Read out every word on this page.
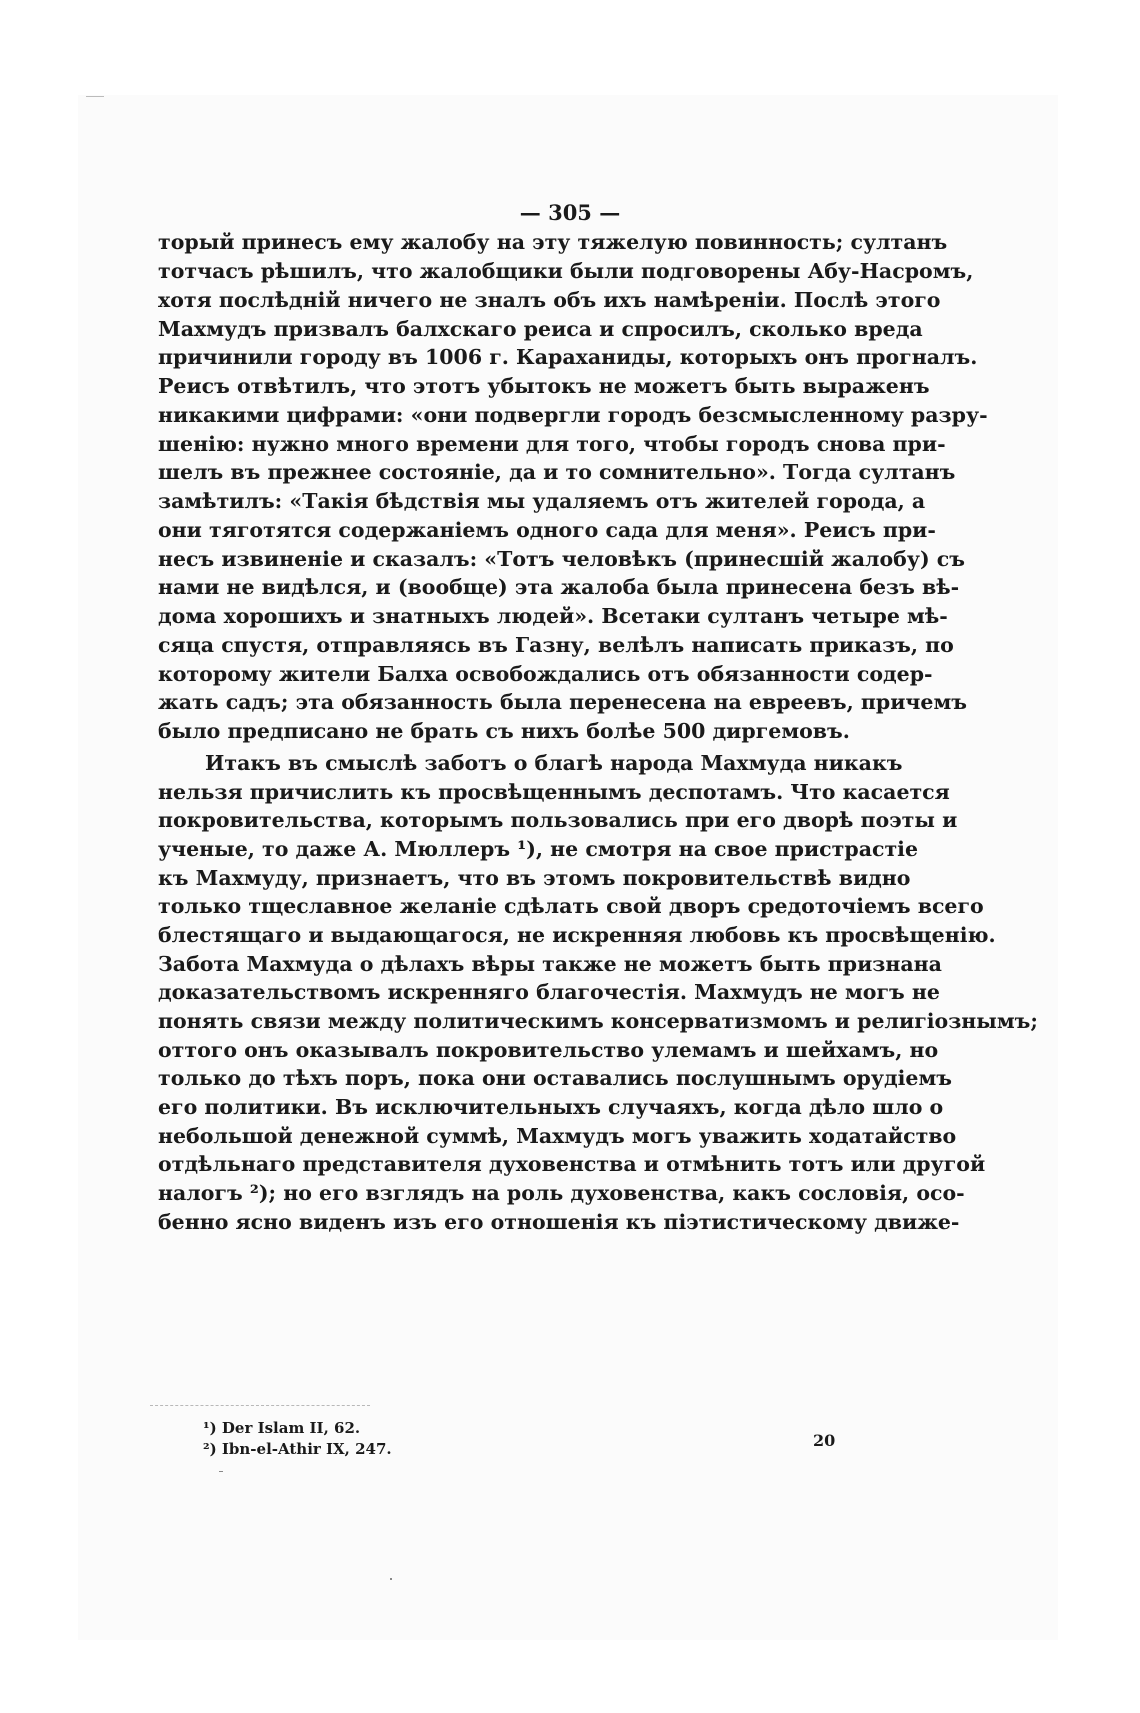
— 305 —
торый принесъ ему жалобу на эту тяжелую повинность; султанъ
тотчасъ рѣшилъ, что жалобщики были подговорены Абу-Насромъ,
хотя послѣднiй ничего не зналъ объ ихъ намѣренiи. Послѣ этого
Махмудъ призвалъ балхскаго реиса и спросилъ, сколько вреда
причинили городу въ 1006 г. Караханиды, которыхъ онъ прогналъ.
Реисъ отвѣтилъ, что этотъ убытокъ не можетъ быть выраженъ
никакими цифрами: «они подвергли городъ безсмысленному разру-
шенiю: нужно много времени для того, чтобы городъ снова при-
шелъ въ прежнее состоянiе, да и то сомнительно». Тогда султанъ
замѣтилъ: «Такiя бѣдствiя мы удаляемъ отъ жителей города, а
они тяготятся содержанiемъ одного сада для меня». Реисъ при-
несъ извиненiе и сказалъ: «Тотъ человѣкъ (принесшiй жалобу) съ
нами не видѣлся, и (вообще) эта жалоба была принесена безъ вѣ-
дома хорошихъ и знатныхъ людей». Всетаки султанъ четыре мѣ-
сяца спустя, отправляясь въ Газну, велѣлъ написать приказъ, по
которому жители Балха освобождались отъ обязанности содер-
жать садъ; эта обязанность была перенесена на евреевъ, причемъ
было предписано не брать съ нихъ болѣе 500 диргемовъ.
Итакъ въ смыслѣ заботъ о благѣ народа Махмуда никакъ
нельзя причислить къ просвѣщеннымъ деспотамъ. Что касается
покровительства, которымъ пользовались при его дворѣ поэты и
ученые, то даже А. Мюллеръ ¹), не смотря на свое пристрастiе
къ Махмуду, признаетъ, что въ этомъ покровительствѣ видно
только тщеславное желанiе сдѣлать свой дворъ средоточiемъ всего
блестящаго и выдающагося, не искренняя любовь къ просвѣщенiю.
Забота Махмуда о дѣлахъ вѣры также не можетъ быть признана
доказательствомъ искренняго благочестiя. Махмудъ не могъ не
понять связи между политическимъ консерватизмомъ и религiознымъ;
оттого онъ оказывалъ покровительство улемамъ и шейхамъ, но
только до тѣхъ поръ, пока они оставались послушнымъ орудiемъ
его политики. Въ исключительныхъ случаяхъ, когда дѣло шло о
небольшой денежной суммѣ, Махмудъ могъ уважить ходатайство
отдѣльнаго представителя духовенства и отмѣнить тотъ или другой
налогъ ²); но его взглядъ на роль духовенства, какъ сословiя, осо-
бенно ясно виденъ изъ его отношенiя къ пiэтистическому движе-
¹) Der Islam II, 62.
²) Ibn-el-Athir IX, 247.	20
